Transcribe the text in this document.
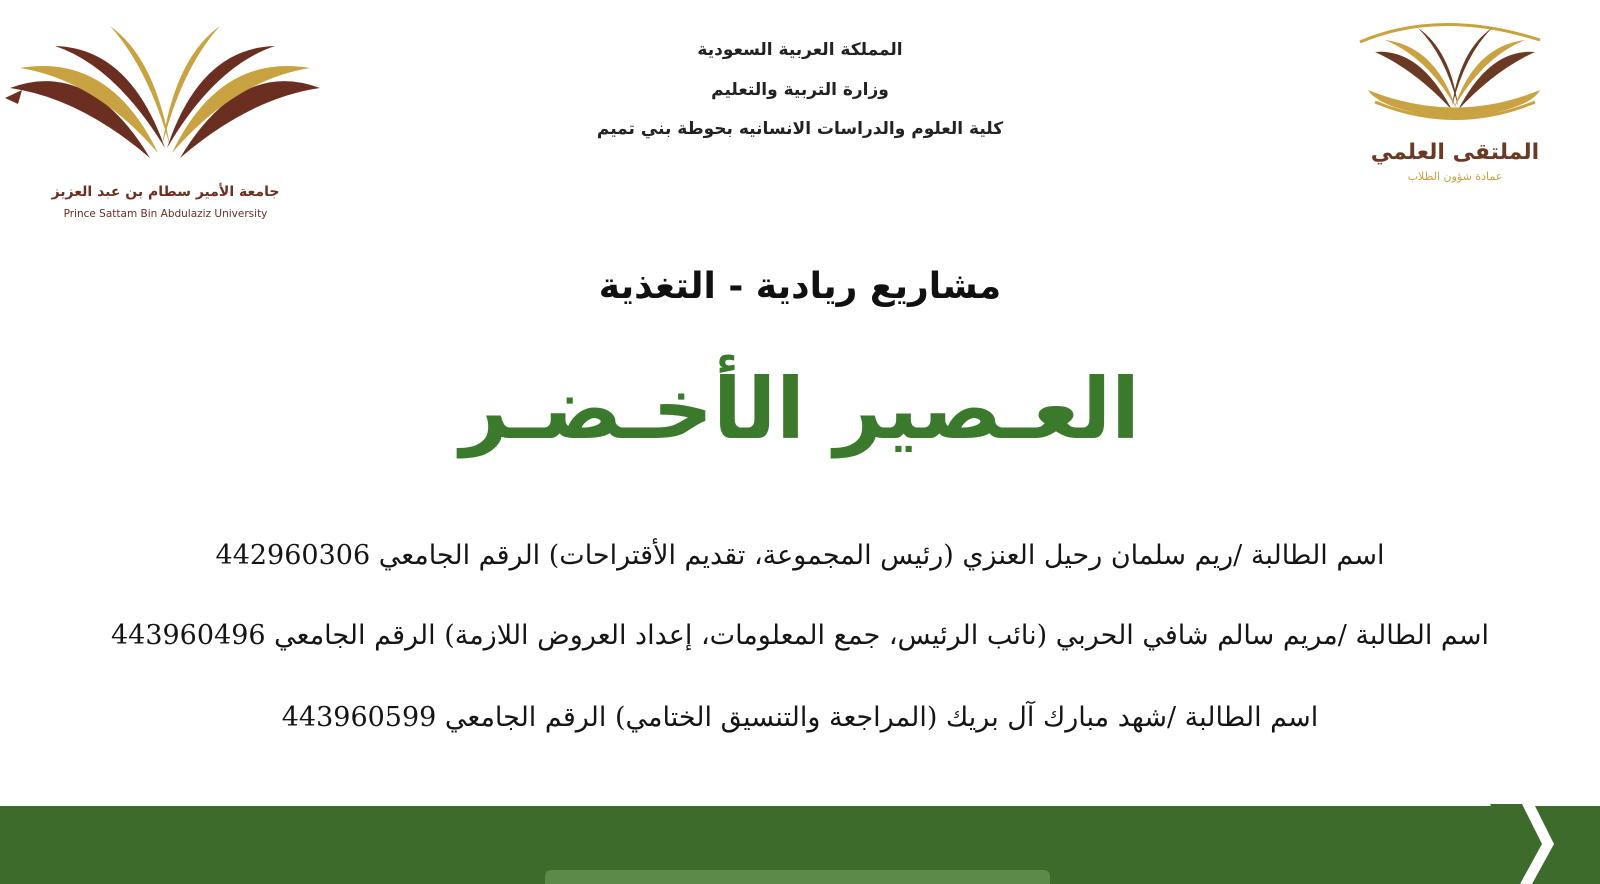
جامعة الأمير سطام بن عبد العزيز
Prince Sattam Bin Abdulaziz University
الملتقى العلمي
عمادة شؤون الطلاب
المملكة العربية السعودية
وزارة التربية والتعليم
كلية العلوم والدراسات الانسانيه بحوطة بني تميم
مشاريع ريادية - التغذية
العـصير الأخـضـر
اسم الطالبة /ريم سلمان رحيل العنزي (رئيس المجموعة، تقديم الأقتراحات) الرقم الجامعي 442960306
اسم الطالبة /مريم سالم شافي الحربي (نائب الرئيس، جمع المعلومات، إعداد العروض اللازمة) الرقم الجامعي 443960496
اسم الطالبة /شهد مبارك آل بريك (المراجعة والتنسيق الختامي) الرقم الجامعي 443960599
